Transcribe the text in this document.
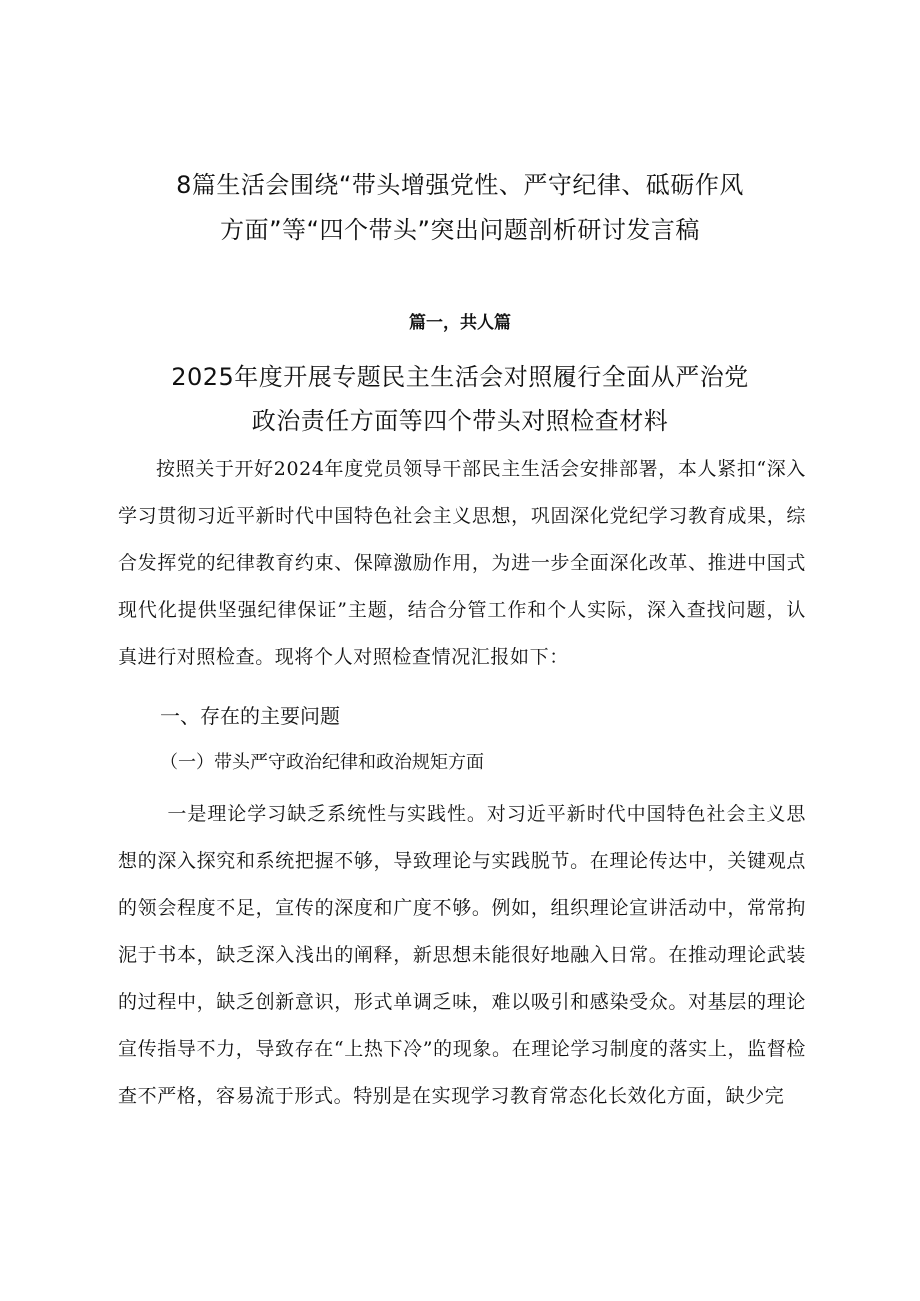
8篇生活会围绕“带头增强党性、严守纪律、砥砺作风
方面”等“四个带头”突出问题剖析研讨发言稿
篇一，共人篇
2025年度开展专题民主生活会对照履行全面从严治党
政治责任方面等四个带头对照检查材料

按照关于开好2024年度党员领导干部民主生活会安排部署，本人紧扣“深入学习贯彻习近平新时代中国特色社会主义思想，巩固深化党纪学习教育成果，综合发挥党的纪律教育约束、保障激励作用，为进一步全面深化改革、推进中国式现代化提供坚强纪律保证”主题，结合分管工作和个人实际，深入查找问题，认真进行对照检查。现将个人对照检查情况汇报如下：

一、存在的主要问题
（一）带头严守政治纪律和政治规矩方面

一是理论学习缺乏系统性与实践性。对习近平新时代中国特色社会主义思想的深入探究和系统把握不够，导致理论与实践脱节。在理论传达中，关键观点的领会程度不足，宣传的深度和广度不够。例如，组织理论宣讲活动中，常常拘泥于书本，缺乏深入浅出的阐释，新思想未能很好地融入日常。在推动理论武装的过程中，缺乏创新意识，形式单调乏味，难以吸引和感染受众。对基层的理论宣传指导不力，导致存在“上热下冷”的现象。在理论学习制度的落实上，监督检查不严格，容易流于形式。特别是在实现学习教育常态化长效化方面，缺少完
